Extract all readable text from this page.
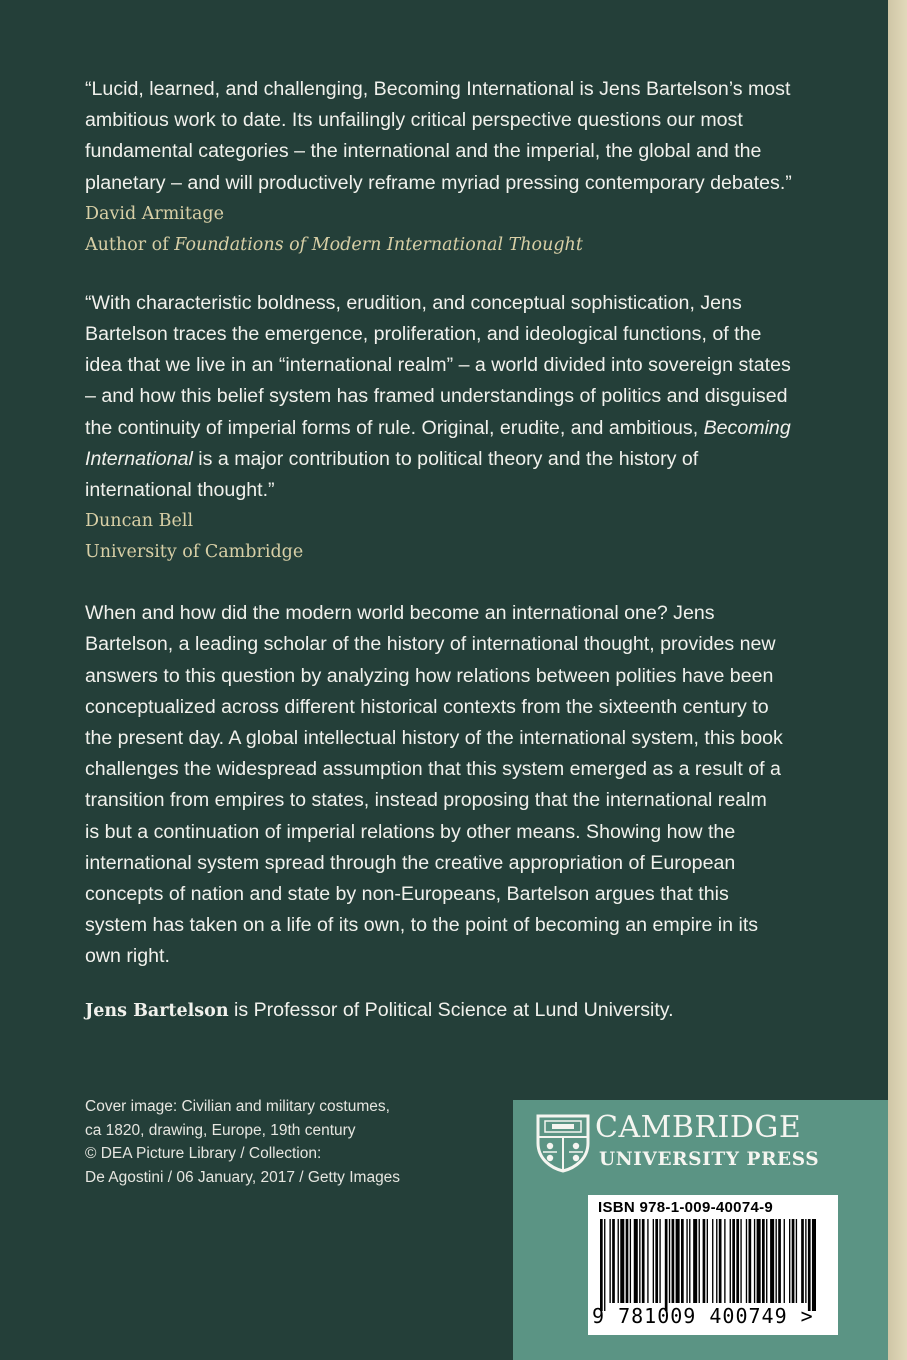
“Lucid, learned, and challenging, Becoming International is Jens Bartelson’s most ambitious work to date. Its unfailingly critical perspective questions our most fundamental categories – the international and the imperial, the global and the planetary – and will productively reframe myriad pressing contemporary debates.”

David Armitage

Author of Foundations of Modern International Thought

“With characteristic boldness, erudition, and conceptual sophistication, Jens Bartelson traces the emergence, proliferation, and ideological functions, of the idea that we live in an “international realm” – a world divided into sovereign states – and how this belief system has framed understandings of politics and disguised the continuity of imperial forms of rule. Original, erudite, and ambitious, Becoming International is a major contribution to political theory and the history of international thought.”

Duncan Bell

University of Cambridge

When and how did the modern world become an international one? Jens Bartelson, a leading scholar of the history of international thought, provides new answers to this question by analyzing how relations between polities have been conceptualized across different historical contexts from the sixteenth century to the present day. A global intellectual history of the international system, this book challenges the widespread assumption that this system emerged as a result of a transition from empires to states, instead proposing that the international realm is but a continuation of imperial relations by other means. Showing how the international system spread through the creative appropriation of European concepts of nation and state by non-Europeans, Bartelson argues that this system has taken on a life of its own, to the point of becoming an empire in its own right.

Jens Bartelson is Professor of Political Science at Lund University.

Cover image: Civilian and military costumes,
ca 1820, drawing, Europe, 19th century
© DEA Picture Library / Collection:
De Agostini / 06 January, 2017 / Getty Images
CAMBRIDGE
UNIVERSITY PRESS
ISBN 978-1-009-40074-9
9 781009 400749 >
